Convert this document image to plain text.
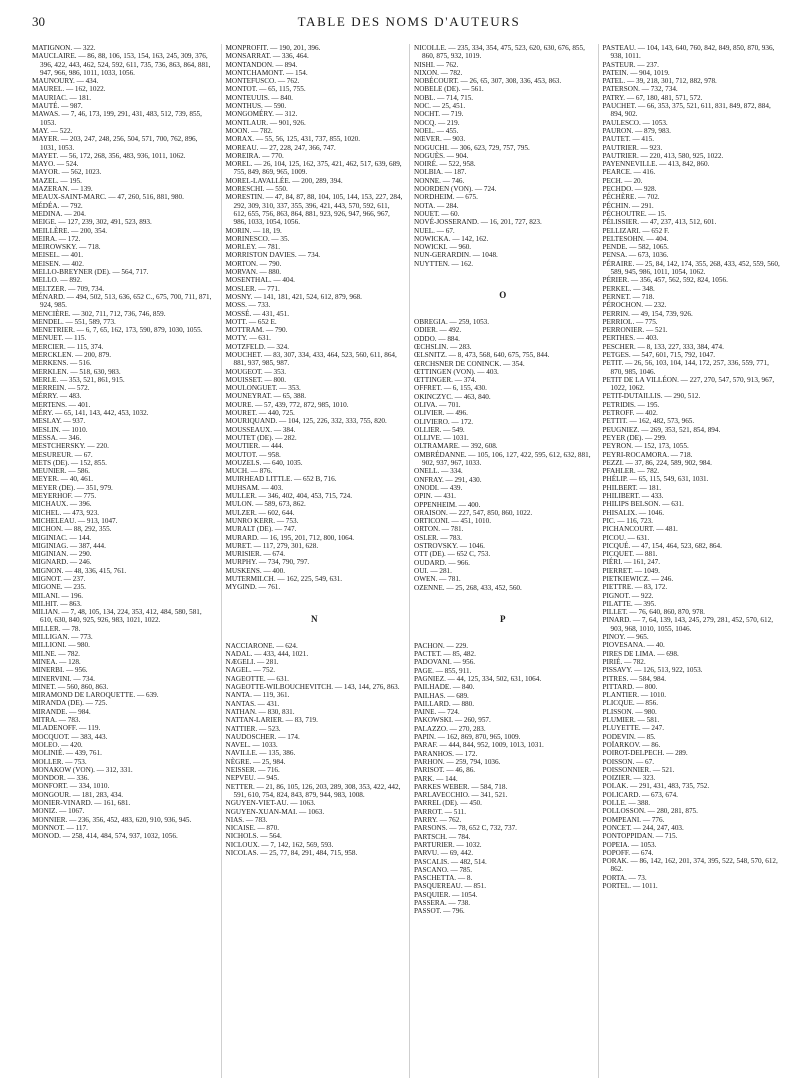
30	TABLE DES NOMS D'AUTEURS
MATIGNON. — 322.
MAUCLAIRE. — 86, 88, 106, 153, 154, 163, 245, 309, 376, 396, 422, 443, 462, 524, 592, 611, 735, 736, 863, 864, 881, 947, 966, 986, 1011, 1033, 1056.
MAUNOURY. — 434.
MAUREL. — 162, 1022.
MAURIAC. — 181.
MAUTÉ. — 987.
MAWAS. — 7, 46, 173, 199, 291, 431, 483, 512, 739, 855, 1053.
MAY. — 522.
MAYER. — 203, 247, 248, 256, 504, 571, 700, 762, 896, 1031, 1053.
MAYET. — 56, 172, 268, 356, 483, 936, 1011, 1062.
MAYO. — 524.
MAYOR. — 562, 1023.
MAZEL. — 195.
MAZERAN. — 139.
MEAUX-SAINT-MARC. — 47, 260, 516, 881, 980.
MÉDÉA. — 792.
MEDINA. — 204.
MEIGE. — 127, 239, 302, 491, 523, 893.
MEILLÈRE. — 200, 354.
MEIRA. — 172.
MEIROWSKY. — 718.
MEISEL. — 401.
MEISEN. — 402.
MELLO-BREYNER (DE). — 564, 717.
MELLO. — 892.
MELTZER. — 709, 734.
MÉNARD. — 494, 502, 513, 636, 652 C., 675, 700, 711, 871, 924, 985.
MENCIÈRE. — 302, 711, 712, 736, 746, 859.
MENDEL. — 551, 589, 773.
MENETRIER. — 6, 7, 65, 162, 173, 590, 879, 1030, 1055.
MENUET. — 115.
MERCIER. — 115, 374.
MERCKLEN. — 200, 879.
MERKENS. — 516.
MERKLEN. — 518, 630, 983.
MERLE. — 353, 521, 861, 915.
MERREIN. — 572.
MÉRRY. — 483.
MERTENS. — 401.
MÉRY. — 65, 141, 143, 442, 453, 1032.
MESLAY. — 937.
MESLIN. — 1010.
MESSA. — 346.
MESTCHERSKY. — 220.
MESUREUR. — 67.
METS (DE). — 152, 855.
MEUNIER. — 586.
MEYER. — 40, 461.
MEYER (DE). — 351, 979.
MEYERHOF. — 775.
MICHAUX. — 396.
MICHEL. — 473, 923.
MICHELEAU. — 913, 1047.
MICHON. — 88, 292, 355.
MIGINIAC. — 144.
MIGINIAG. — 387, 444.
MIGINIAN. — 290.
MIGNARD. — 246.
MIGNON. — 48, 336, 415, 761.
MIGNOT. — 237.
MIGONE. — 235.
MILANI. — 196.
MILHIT. — 863.
MILIAN. — 7, 48, 105, 134, 224, 353, 412, 484, 580, 581, 610, 630, 840, 925, 926, 983, 1021, 1022.
MILLER. — 78.
MILLIGAN. — 773.
MILLIONI. — 980.
MILNE. — 782.
MINEA. — 128.
MINERBI. — 956.
MINERVINI. — 734.
MINET. — 560, 860, 863.
MIRAMOND DE LAROQUETTE. — 639.
MIRANDA (DE). — 725.
MIRANDE. — 984.
MITRA. — 783.
MLADENOFF. — 119.
MOCQUOT. — 383, 443.
MOLEO. — 420.
MOLINIÉ. — 439, 761.
MOLLER. — 753.
MONAKOW (VON). — 312, 331.
MONDOR. — 336.
MONFORT. — 334, 1010.
MONGOUR. — 181, 283, 434.
MONIER-VINARD. — 161, 681.
MONIZ. — 1067.
MONNIER. — 236, 356, 452, 483, 620, 910, 936, 945.
MONNOT. — 117.
MONOD. — 258, 414, 484, 574, 937, 1032, 1056.
MONPROFIT. — 190, 201, 396.
MONSARRAT. — 336, 464.
MONTANDON. — 894.
MONTCHAMONT. — 154.
MONTEFUSCO. — 762.
MONTOT. — 65, 115, 755.
MONTEUUIS. — 840.
MONTHUS. — 590.
MONGOMÉRY. — 312.
MONTLAUR. — 901, 926.
MOON. — 782.
MORAX. — 55, 56, 125, 431, 737, 855, 1020.
MOREAU. — 27, 228, 247, 366, 747.
MOREIRA. — 770.
MOREL. — 26, 104, 125, 162, 375, 421, 462, 517, 639, 689, 755, 849, 869, 965, 1009.
MOREL-LAVALLÉE. — 200, 289, 394.
MORESCHI. — 550.
MORESTIN. — 47, 84, 87, 88, 104, 105, 144, 153, 227, 284, 292, 309, 310, 337, 355, 396, 421, 443, 570, 592, 611, 612, 655, 756, 863, 864, 881, 923, 926, 947, 966, 967, 986, 1033, 1054, 1056.
MORIN. — 18, 19.
MORINESCO. — 35.
MORLEY. — 781.
MORRISTON DAVIES. — 734.
MORTON. — 790.
MORVAN. — 880.
MOSENTHAL. — 404.
MOSLER. — 771.
MOSNY. — 141, 181, 421, 524, 612, 879, 968.
MOSS. — 733.
MOSSÉ. — 431, 451.
MOTT. — 652 E.
MOTTRAM. — 790.
MOTY. — 631.
MOTZFELD. — 324.
MOUCHET. — 83, 307, 334, 433, 464, 523, 560, 611, 864, 881, 937, 985, 987.
MOUGEOT. — 353.
MOUISSET. — 800.
MOULONGUET. — 353.
MOUNEYRAT. — 65, 388.
MOURE. — 57, 439, 772, 872, 985, 1010.
MOURET. — 440, 725.
MOURIQUAND. — 104, 125, 226, 332, 333, 755, 820.
MOUSSEAUX. — 384.
MOUTET (DE). — 282.
MOUTIER. — 444.
MOUTOT. — 958.
MOUZELS. — 640, 1035.
MUCH. — 876.
MUIRHEAD LITTLE. — 652 B, 716.
MUHSAM. — 403.
MULLER. — 346, 402, 404, 453, 715, 724.
MULON. — 589, 673, 862.
MULZER. — 602, 644.
MUNRO KERR. — 753.
MURALT (DE). — 747.
MURARD. — 16, 195, 201, 712, 800, 1064.
MURET. — 117, 279, 301, 628.
MURISIER. — 674.
MURPHY. — 734, 790, 797.
MUSKENS. — 400.
MUTERMILCH. — 162, 225, 549, 631.
MYGIND. — 761.
N
NACCIARONE. — 624.
NADAL. — 433, 444, 1021.
NÆGELI. — 281.
NAGEL. — 752.
NAGEOTTE. — 631.
NAGEOTTE-WILBOUCHEVITCH. — 143, 144, 276, 863.
NANTA. — 119, 361.
NANTAS. — 431.
NATHAN. — 830, 831.
NATTAN-LARIER. — 83, 719.
NATTIER. — 523.
NAUDOSCHER. — 174.
NAVEL. — 1033.
NAVILLE. — 135, 386.
NÈGRE. — 25, 984.
NEISSER. — 716.
NEPVEU. — 945.
NETTER. — 21, 86, 105, 126, 203, 289, 308, 353, 422, 442, 591, 610, 754, 824, 843, 879, 944, 983, 1008.
NGUYEN-VIET-AU. — 1063.
NGUYEN-XUAN-MAI. — 1063.
NIAS. — 783.
NICAISE. — 870.
NICHOLS. — 564.
NICLOUX. — 7, 142, 162, 569, 593.
NICOLAS. — 25, 77, 84, 291, 484, 715, 958.
NICOLLE. — 235, 334, 354, 475, 523, 620, 630, 676, 855, 860, 875, 932, 1019.
NISHI. — 762.
NIXON. — 782.
NOBÉCOURT. — 26, 65, 307, 308, 336, 453, 863.
NOBELE (DE). — 561.
NOBL. — 714, 715.
NOC. — 25, 451.
NOCHT. — 719.
NOCQ. — 219.
NOEL. — 455.
NŒVER. — 903.
NOGUCHI. — 306, 623, 729, 757, 795.
NOGUÈS. — 904.
NOIRÉ. — 522, 958.
NOLBIA. — 187.
NONNE. — 746.
NOORDEN (VON). — 724.
NORDHEIM. — 675.
NOTA. — 284.
NOUET. — 60.
NOVÉ-JOSSERAND. — 16, 201, 727, 823.
NUEL. — 67.
NOWICKA. — 142, 162.
NOWICKI. — 960.
NUN-GERARDIN. — 1048.
NUYTTEN. — 162.
O
OBREGIA. — 259, 1053.
ODIER. — 492.
ODDO. — 884.
ŒCHSLIN. — 283.
ŒLSNITZ. — 8, 473, 568, 640, 675, 755, 844.
ŒRCHSNER DE CONINCK. — 354.
ŒTTINGEN (VON). — 403.
ŒTTINGER. — 374.
OFFRET. — 6, 155, 430.
OKINCZYC. — 463, 840.
OLIVA. — 701.
OLIVIER. — 496.
OLIVIERO. — 172.
OLLIER. — 549.
OLLIVE. — 1031.
OLTRAMARE. — 392, 608.
OMBRÉDANNE. — 105, 106, 127, 422, 595, 612, 632, 881, 902, 937, 967, 1033.
ONELL. — 334.
ONFRAY. — 291, 430.
ONODI. — 439.
OPIN. — 431.
OPPENHEIM. — 400.
ORAISON. — 227, 547, 850, 860, 1022.
ORTICONI. — 451, 1010.
ORTON. — 781.
OSLER. — 783.
OSTROVSKY. — 1046.
OTT (DE). — 652 C, 753.
OUDARD. — 966.
OUI. — 281.
OWEN. — 781.
OZENNE. — 25, 268, 433, 452, 560.
P
PACHON. — 229.
PACTET. — 85, 482.
PADOVANI. — 956.
PAGE. — 855, 911.
PAGNIEZ. — 44, 125, 334, 502, 631, 1064.
PAILHADE. — 840.
PAILHAS. — 689.
PAILLARD. — 880.
PAINE. — 724.
PAKOWSKI. — 260, 957.
PALAZZO. — 270, 283.
PAPIN. — 162, 869, 870, 965, 1009.
PARAF. — 444, 844, 952, 1009, 1013, 1031.
PARANHOS. — 172.
PARHON. — 259, 794, 1036.
PARISOT. — 46, 86.
PARK. — 144.
PARKES WEBER. — 584, 718.
PARLAVECCHIO. — 341, 521.
PARREL (DE). — 450.
PARROT. — 511.
PARRY. — 762.
PARSONS. — 78, 652 C, 732, 737.
PARTSCH. — 784.
PARTURIER. — 1032.
PARVU. — 69, 442.
PASCALIS. — 482, 514.
PASCANO. — 785.
PASCHETTA. — 8.
PASQUEREAU. — 851.
PASQUIER. — 1054.
PASSERA. — 738.
PASSOT. — 796.
PASTEAU. — 104, 143, 640, 760, 842, 849, 850, 870, 936, 938, 1011.
PASTEUR. — 237.
PATEIN. — 904, 1019.
PATEL. — 39, 218, 301, 712, 882, 978.
PATERSON. — 732, 734.
PATRY. — 67, 180, 481, 571, 572.
PAUCHET. — 66, 353, 375, 521, 611, 831, 849, 872, 884, 894, 902.
PAULESCO. — 1053.
PAURON. — 879, 983.
PAUTET. — 415.
PAUTRIER. — 923.
PAUTRIER. — 220, 413, 580, 925, 1022.
PAYENNEVILLE. — 413, 842, 860.
PEARCE. — 416.
PECH. — 20.
PECHDO. — 928.
PÉCHÈRE. — 702.
PÉCHIN. — 291.
PÉCHOUTRE. — 15.
PÉLISSIER. — 47, 237, 413, 512, 601.
PELLIZARI. — 652 F.
PELTESOHN. — 404.
PENDE. — 582, 1065.
PENSA. — 673, 1036.
PÉRAIRE. — 25, 84, 142, 174, 355, 268, 433, 452, 559, 560, 589, 945, 986, 1011, 1054, 1062.
PÉRIER. — 356, 457, 562, 592, 824, 1056.
PERKEL. — 348.
PERNET. — 718.
PÉROCHON. — 232.
PERRIN. — 49, 154, 739, 926.
PERRIOL. — 775.
PERRONIER. — 521.
PERTHES. — 403.
PESCHER. — 8, 133, 227, 333, 384, 474.
PETGES. — 547, 601, 715, 792, 1047.
PETIT. — 26, 56, 103, 104, 144, 172, 257, 336, 559, 771, 870, 985, 1046.
PETIT DE LA VILLÉON. — 227, 270, 547, 570, 913, 967, 1022, 1062.
PETIT-DUTAILLIS. — 290, 512.
PETRIDIS. — 195.
PETROFF. — 402.
PETTIT. — 162, 482, 573, 965.
PEUGNIEZ. — 269, 353, 521, 854, 894.
PEYER (DE). — 299.
PEYRON. — 152, 173, 1055.
PEYRI-ROCAMORA. — 718.
PEZZI. — 37, 86, 224, 589, 902, 984.
PFAHLER. — 782.
PHÉLIP. — 65, 115, 549, 631, 1031.
PHILBERT. — 181.
PHILIBERT. — 433.
PHILIPS BELSON. — 631.
PHISALIX. — 1046.
PIC. — 116, 723.
PICHANCOURT. — 481.
PICOU. — 631.
PICQUÉ. — 47, 154, 464, 523, 682, 864.
PICQUET. — 881.
PIÉRI. — 161, 247.
PIERRET. — 1049.
PIETKIEWICZ. — 246.
PIETTRE. — 83, 172.
PIGNOT. — 922.
PILATTE. — 395.
PILLET. — 76, 640, 860, 870, 978.
PINARD. — 7, 64, 139, 143, 245, 279, 281, 452, 570, 612, 903, 968, 1010, 1055, 1046.
PINOY. — 965.
PIOVESANA. — 40.
PIRES DE LIMA. — 698.
PIRIÉ. — 782.
PISSAVY. — 126, 513, 922, 1053.
PITRES. — 584, 984.
PITTARD. — 800.
PLANTIER. — 1010.
PLICQUE. — 856.
PLISSON. — 980.
PLUMIER. — 581.
PLUYETTE. — 247.
PODEVIN. — 85.
POÏARKOV. — 86.
POIROT-DELPECH. — 289.
POISSON. — 67.
POISSONNIER. — 521.
POIZIER. — 323.
POLAK. — 291, 431, 483, 735, 752.
POLICARD. — 673, 674.
POLLE. — 388.
POLLOSSON. — 280, 281, 875.
POMPEANI. — 776.
PONCET. — 244, 247, 403.
PONTOPPIDAN. — 715.
POPEIA. — 1053.
POPOFF. — 674.
PORAK. — 86, 142, 162, 201, 374, 395, 522, 548, 570, 612, 862.
PORTA. — 73.
PORTEL. — 1011.
